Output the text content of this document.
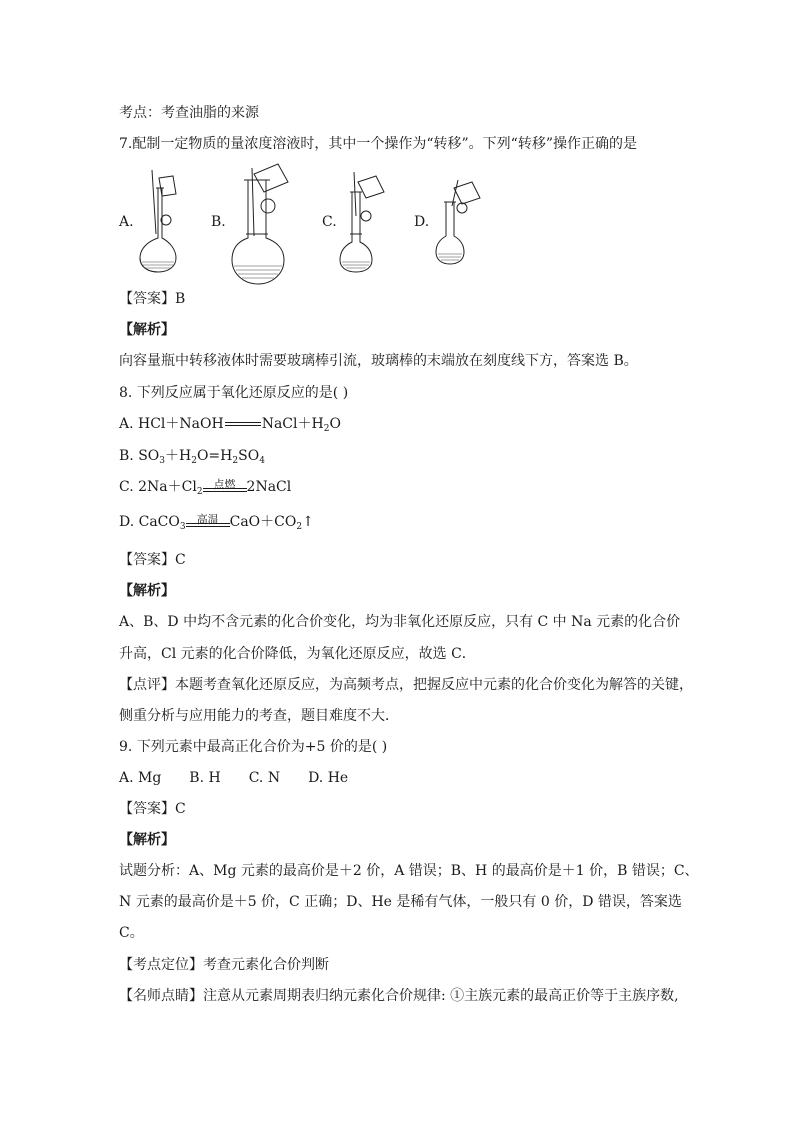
考点：考查油脂的来源
7.配制一定物质的量浓度溶液时，其中一个操作为“转移”。下列“转移”操作正确的是
A.	B.	C.	D.
【答案】B
【解析】
向容量瓶中转移液体时需要玻璃棒引流，玻璃棒的末端放在刻度线下方，答案选 B。
8. 下列反应属于氧化还原反应的是( )
A. HCl＋NaOH	$NaCl+H_2O$
B. $SO_3+H_2O=H_2SO_4$
C. $2Na+Cl_2$
点燃 2NaCl
D. CaCO$_3$
高温 $CaO+CO_2↑$
【答案】C
【解析】
A、B、D 中均不含元素的化合价变化，均为非氧化还原反应，只有 C 中 Na 元素的化合价
升高，Cl 元素的化合价降低，为氧化还原反应，故选 C．
【点评】本题考查氧化还原反应，为高频考点，把握反应中元素的化合价变化为解答的关键，
侧重分析与应用能力的考查，题目难度不大．
9. 下列元素中最高正化合价为+5 价的是( )
A. Mg　　B. H　　C. N　　D. He
【答案】C
【解析】
试题分析：A、Mg 元素的最高价是＋2 价，A 错误；B、H 的最高价是＋1 价，B 错误；C、
N 元素的最高价是＋5 价，C 正确；D、He 是稀有气体，一般只有 0 价，D 错误，答案选
C。
【考点定位】考查元素化合价判断
【名师点睛】注意从元素周期表归纳元素化合价规律: ①主族元素的最高正价等于主族序数,
